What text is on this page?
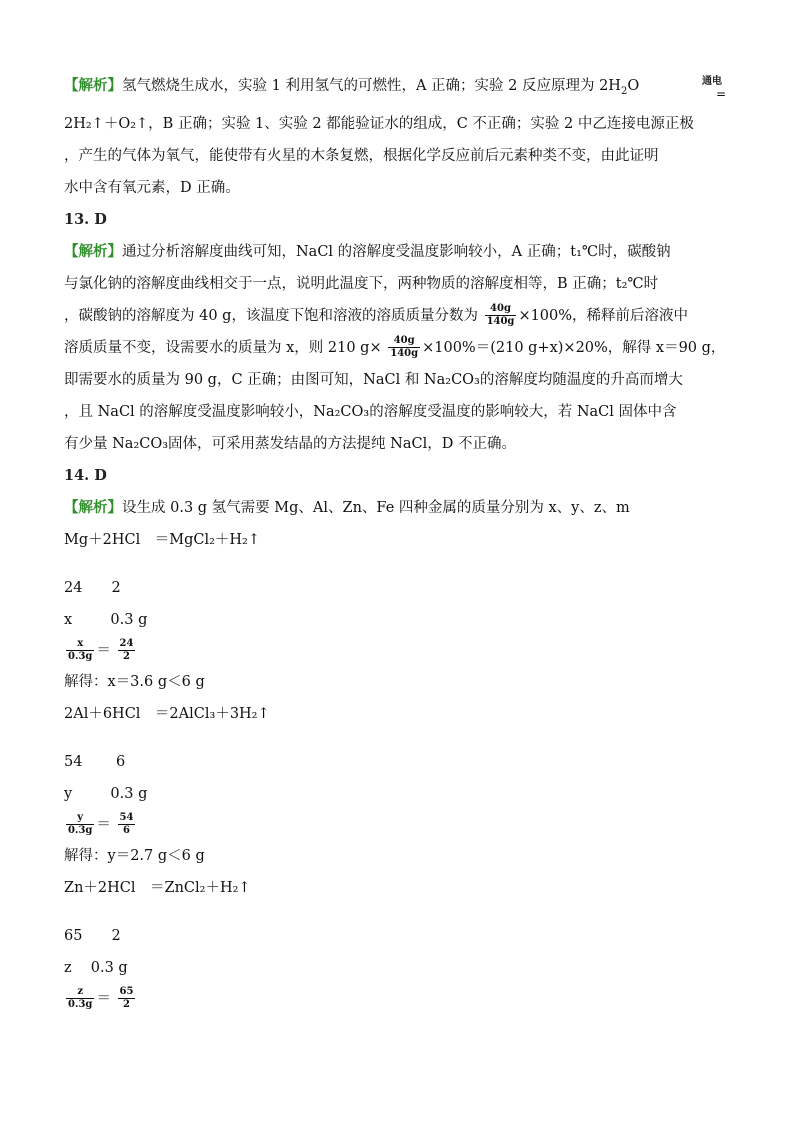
【解析】氢气燃烧生成水，实验 1 利用氢气的可燃性，A 正确；实验 2 反应原理为 $2H_2O$	通电
=

2H₂↑＋O₂↑，B 正确；实验 1、实验 2 都能验证水的组成，C 不正确；实验 2 中乙连接电源正极
，产生的气体为氧气，能使带有火星的木条复燃，根据化学反应前后元素种类不变，由此证明
水中含有氧元素，D 正确。
13. D
【解析】通过分析溶解度曲线可知，NaCl 的溶解度受温度影响较小，A 正确；t₁℃时，碳酸钠
与氯化钠的溶解度曲线相交于一点，说明此温度下，两种物质的溶解度相等，B 正确；t₂℃时
，碳酸钠的溶解度为 40 g，该温度下饱和溶液的溶质质量分数为 $\frac{40g}{140g} \times 100\%$，稀释前后溶液中
溶质质量不变，设需要水的质量为 x，则 210 $g\times \frac{40g}{140g} \times 100\%=(210$ g+x)×20%，解得 x＝90 g，
即需要水的质量为 90 g，C 正确；由图可知，NaCl 和 Na₂CO₃的溶解度均随温度的升高而增大
，且 NaCl 的溶解度受温度影响较小，Na₂CO₃的溶解度受温度的影响较大，若 NaCl 固体中含
有少量 Na₂CO₃固体，可采用蒸发结晶的方法提纯 NaCl，D 不正确。
14. D
【解析】设生成 0.3 g 氢气需要 Mg、Al、Zn、Fe 四种金属的质量分别为 x、y、z、m
Mg＋2HCl　＝MgCl₂＋H₂↑
24　　2
x　　  0.3 g
$\frac{x}{0.3g} = \frac{24}{2}$
解得：x＝3.6 g＜6 g
2Al＋6HCl　＝2AlCl₃＋3H₂↑
54　　 6
y　　  0.3 g
$\frac{y}{0.3g} = \frac{54}{6}$
解得：y＝2.7 g＜6 g
Zn＋2HCl　＝ZnCl₂＋H₂↑
65　　2
z　 0.3 g
$\frac{z}{0.3g} = \frac{65}{2}$
